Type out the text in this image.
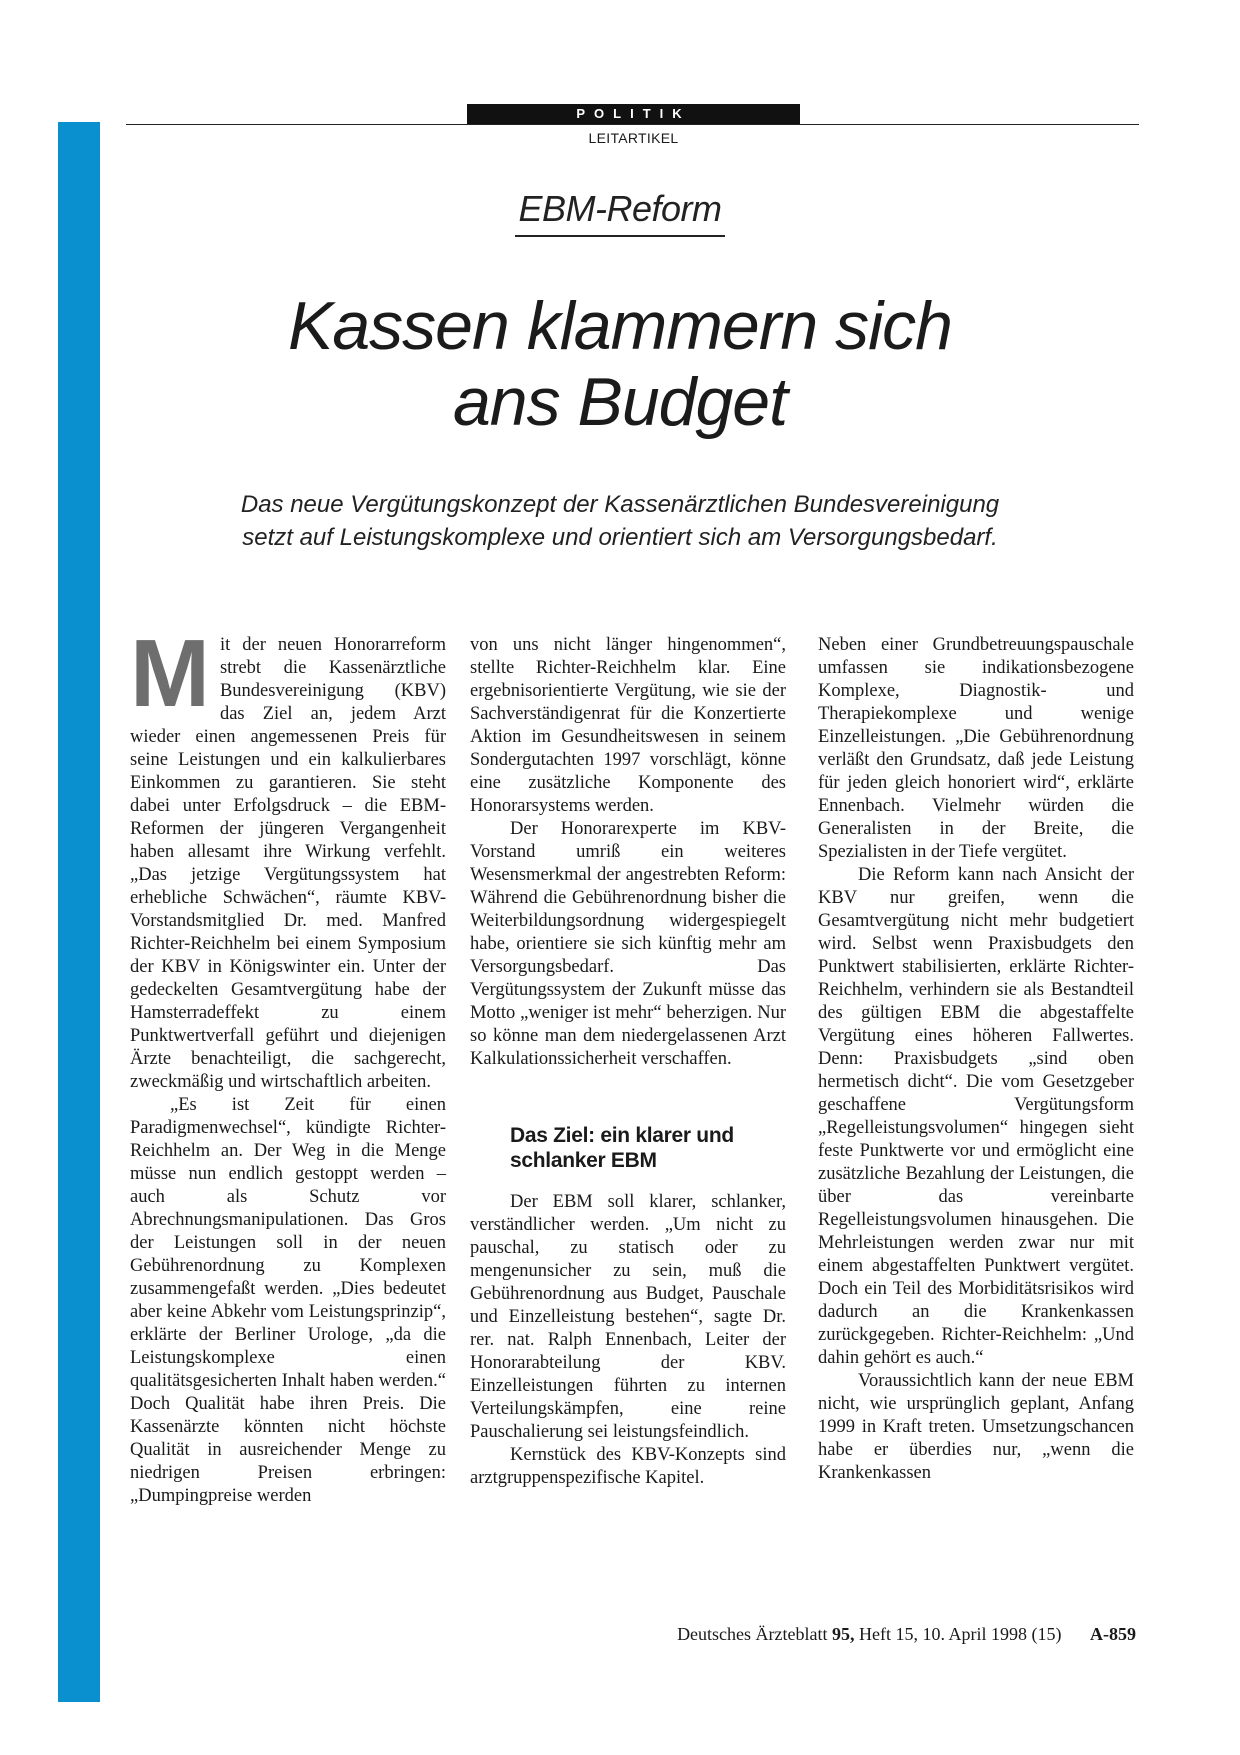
POLITIK
LEITARTIKEL
EBM-Reform
Kassen klammern sich
ans Budget

Das neue Vergütungskonzept der Kassenärztlichen Bundesvereinigung
setzt auf Leistungskomplexe und orientiert sich am Versorgungsbedarf.

M it der neuen Honorarreform strebt die Kassenärztliche Bundesvereinigung (KBV) das Ziel an, jedem Arzt wieder einen angemessenen Preis für seine Leistungen und ein kalkulierbares Einkommen zu garantieren. Sie steht dabei unter Erfolgsdruck – die EBM-Reformen der jüngeren Vergangenheit haben allesamt ihre Wirkung verfehlt. „Das jetzige Vergütungssystem hat erhebliche Schwächen“, räumte KBV-Vorstandsmitglied Dr. med. Manfred Richter-Reichhelm bei einem Symposium der KBV in Königswinter ein. Unter der gedeckelten Gesamtvergütung habe der Hamsterradeffekt zu einem Punktwertverfall geführt und diejenigen Ärzte benachteiligt, die sachgerecht, zweckmäßig und wirtschaftlich arbeiten.

„Es ist Zeit für einen Paradigmenwechsel“, kündigte Richter-Reichhelm an. Der Weg in die Menge müsse nun endlich gestoppt werden – auch als Schutz vor Abrechnungsmanipulationen. Das Gros der Leistungen soll in der neuen Gebührenordnung zu Komplexen zusammengefaßt werden. „Dies bedeutet aber keine Abkehr vom Leistungsprinzip“, erklärte der Berliner Urologe, „da die Leistungskomplexe einen qualitätsgesicherten Inhalt haben werden.“ Doch Qualität habe ihren Preis. Die Kassenärzte könnten nicht höchste Qualität in ausreichender Menge zu niedrigen Preisen erbringen: „Dumpingpreise werden

von uns nicht länger hingenommen“, stellte Richter-Reichhelm klar. Eine ergebnisorientierte Vergütung, wie sie der Sachverständigenrat für die Konzertierte Aktion im Gesundheitswesen in seinem Sondergutachten 1997 vorschlägt, könne eine zusätzliche Komponente des Honorarsystems werden.

Der Honorarexperte im KBV-Vorstand umriß ein weiteres Wesensmerkmal der angestrebten Reform: Während die Gebührenordnung bisher die Weiterbildungsordnung widergespiegelt habe, orientiere sie sich künftig mehr am Versorgungsbedarf. Das Vergütungssystem der Zukunft müsse das Motto „weniger ist mehr“ beherzigen. Nur so könne man dem niedergelassenen Arzt Kalkulationssicherheit verschaffen.

Das Ziel: ein klarer und schlanker EBM

Der EBM soll klarer, schlanker, verständlicher werden. „Um nicht zu pauschal, zu statisch oder zu mengenunsicher zu sein, muß die Gebührenordnung aus Budget, Pauschale und Einzelleistung bestehen“, sagte Dr. rer. nat. Ralph Ennenbach, Leiter der Honorarabteilung der KBV. Einzelleistungen führten zu internen Verteilungskämpfen, eine reine Pauschalierung sei leistungsfeindlich.

Kernstück des KBV-Konzepts sind arztgruppenspezifische Kapitel.

Neben einer Grundbetreuungspauschale umfassen sie indikationsbezogene Komplexe, Diagnostik- und Therapiekomplexe und wenige Einzelleistungen. „Die Gebührenordnung verläßt den Grundsatz, daß jede Leistung für jeden gleich honoriert wird“, erklärte Ennenbach. Vielmehr würden die Generalisten in der Breite, die Spezialisten in der Tiefe vergütet.

Die Reform kann nach Ansicht der KBV nur greifen, wenn die Gesamtvergütung nicht mehr budgetiert wird. Selbst wenn Praxisbudgets den Punktwert stabilisierten, erklärte Richter-Reichhelm, verhindern sie als Bestandteil des gültigen EBM die abgestaffelte Vergütung eines höheren Fallwertes. Denn: Praxisbudgets „sind oben hermetisch dicht“. Die vom Gesetzgeber geschaffene Vergütungsform „Regelleistungsvolumen“ hingegen sieht feste Punktwerte vor und ermöglicht eine zusätzliche Bezahlung der Leistungen, die über das vereinbarte Regelleistungsvolumen hinausgehen. Die Mehrleistungen werden zwar nur mit einem abgestaffelten Punktwert vergütet. Doch ein Teil des Morbiditätsrisikos wird dadurch an die Krankenkassen zurückgegeben. Richter-Reichhelm: „Und dahin gehört es auch.“

Voraussichtlich kann der neue EBM nicht, wie ursprünglich geplant, Anfang 1999 in Kraft treten. Umsetzungschancen habe er überdies nur, „wenn die Krankenkassen

Deutsches Ärzteblatt 95, Heft 15, 10. April 1998 (15) A-859
